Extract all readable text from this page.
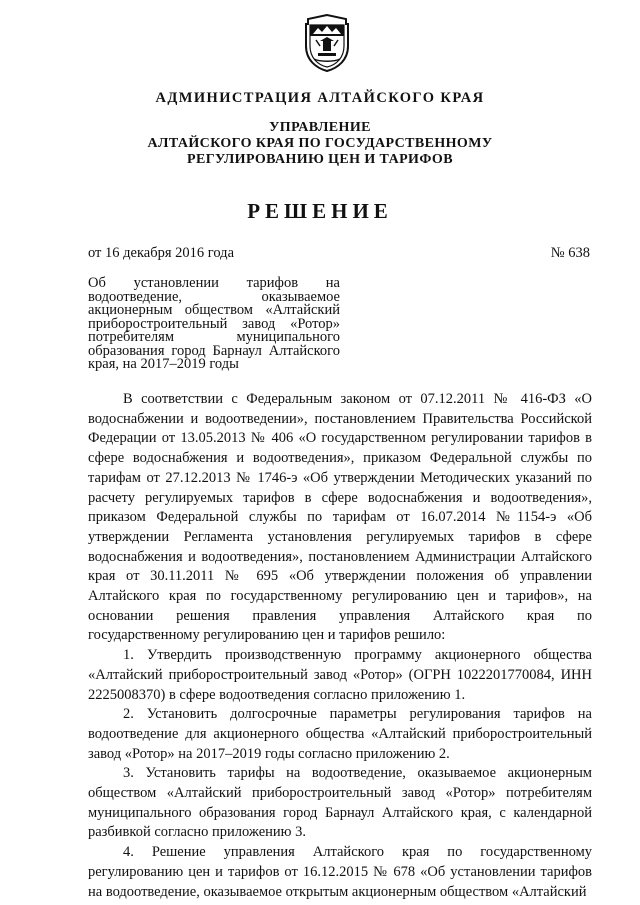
АДМИНИСТРАЦИЯ АЛТАЙСКОГО КРАЯ
УПРАВЛЕНИЕ
АЛТАЙСКОГО КРАЯ ПО ГОСУДАРСТВЕННОМУ
РЕГУЛИРОВАНИЮ ЦЕН И ТАРИФОВ
РЕШЕНИЕ
от 16 декабря 2016 года	№ 638
Об установлении тарифов на водоотведение, оказываемое акционерным обществом «Алтайский приборостроительный завод «Ротор» потребителям муниципального образования город Барнаул Алтайского края, на 2017–2019 годы

В соответствии с Федеральным законом от 07.12.2011 № 416-ФЗ «О водоснабжении и водоотведении», постановлением Правительства Российской Федерации от 13.05.2013 № 406 «О государственном регулировании тарифов в сфере водоснабжения и водоотведения», приказом Федеральной службы по тарифам от 27.12.2013 № 1746-э «Об утверждении Методических указаний по расчету регулируемых тарифов в сфере водоснабжения и водоотведения», приказом Федеральной службы по тарифам от 16.07.2014 №1154-э «Об утверждении Регламента установления регулируемых тарифов в сфере водоснабжения и водоотведения», постановлением Администрации Алтайского края от 30.11.2011 № 695 «Об утверждении положения об управлении Алтайского края по государственному регулированию цен и тарифов», на основании решения правления управления Алтайского края по государственному регулированию цен и тарифов решило:

1. Утвердить производственную программу акционерного общества «Алтайский приборостроительный завод «Ротор» (ОГРН 1022201770084, ИНН 2225008370) в сфере водоотведения согласно приложению 1.

2. Установить долгосрочные параметры регулирования тарифов на водоотведение для акционерного общества «Алтайский приборостроительный завод «Ротор» на 2017–2019 годы согласно приложению 2.

3. Установить тарифы на водоотведение, оказываемое акционерным обществом «Алтайский приборостроительный завод «Ротор» потребителям муниципального образования город Барнаул Алтайского края, с календарной разбивкой согласно приложению 3.

4. Решение управления Алтайского края по государственному регулированию цен и тарифов от 16.12.2015 № 678 «Об установлении тарифов на водоотведение, оказываемое открытым акционерным обществом «Алтайский
